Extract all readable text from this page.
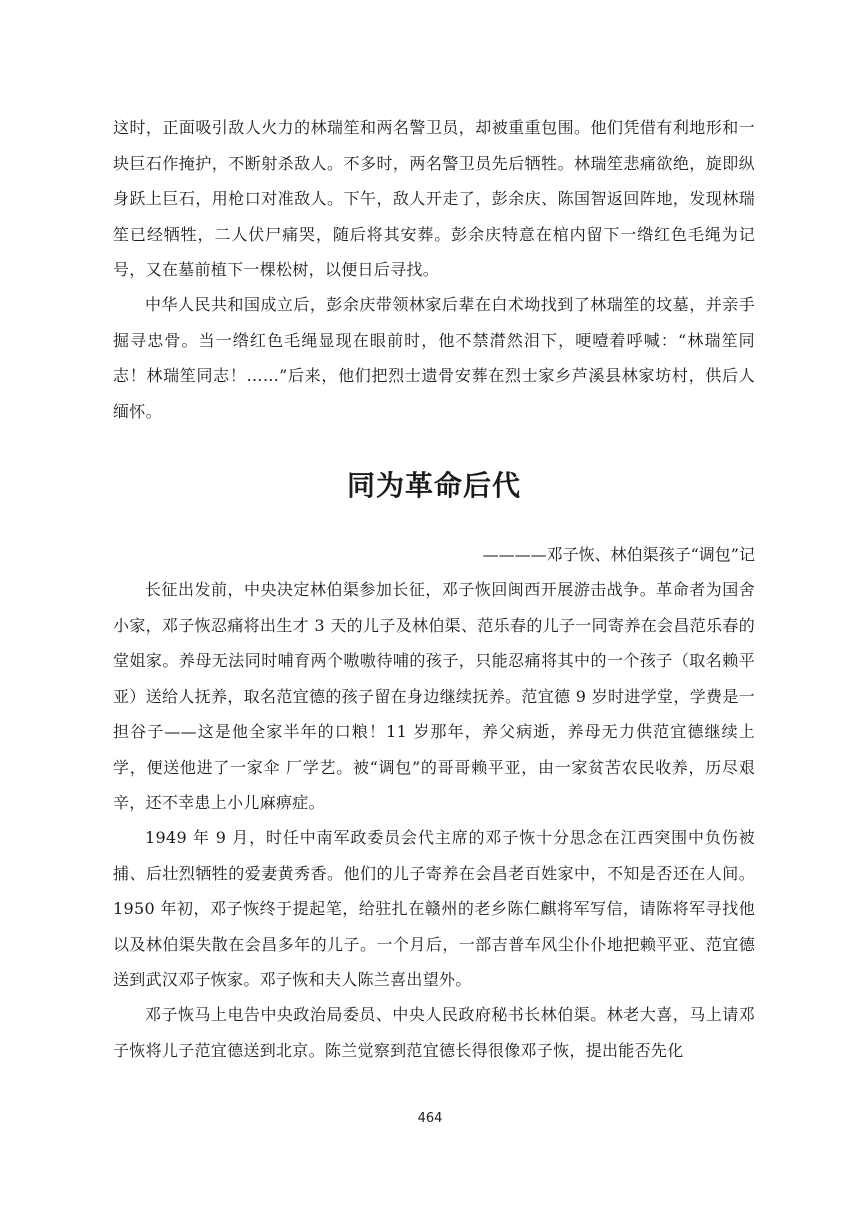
这时，正面吸引敌人火力的林瑞笙和两名警卫员，却被重重包围。他们凭借有利地形和一块巨石作掩护，不断射杀敌人。不多时，两名警卫员先后牺牲。林瑞笙悲痛欲绝，旋即纵身跃上巨石，用枪口对准敌人。下午，敌人开走了，彭余庆、陈国智返回阵地，发现林瑞笙已经牺牲，二人伏尸痛哭，随后将其安葬。彭余庆特意在棺内留下一绺红色毛绳为记号，又在墓前植下一棵松树，以便日后寻找。

中华人民共和国成立后，彭余庆带领林家后辈在白术坳找到了林瑞笙的坟墓，并亲手掘寻忠骨。当一绺红色毛绳显现在眼前时，他不禁潸然泪下，哽噎着呼喊：“林瑞笙同志！林瑞笙同志！……”后来，他们把烈士遗骨安葬在烈士家乡芦溪县林家坊村，供后人缅怀。

同为革命后代

————邓子恢、林伯渠孩子“调包”记

长征出发前，中央决定林伯渠参加长征，邓子恢回闽西开展游击战争。革命者为国舍小家，邓子恢忍痛将出生才 3 天的儿子及林伯渠、范乐春的儿子一同寄养在会昌范乐春的堂姐家。养母无法同时哺育两个嗷嗷待哺的孩子，只能忍痛将其中的一个孩子（取名赖平亚）送给人抚养，取名范宜德的孩子留在身边继续抚养。范宜德 9 岁时进学堂，学费是一担谷子——这是他全家半年的口粮！11 岁那年，养父病逝，养母无力供范宜德继续上学，便送他进了一家伞 厂学艺。被“调包”的哥哥赖平亚，由一家贫苦农民收养，历尽艰辛，还不幸患上小儿麻痹症。

1949 年 9 月，时任中南军政委员会代主席的邓子恢十分思念在江西突围中负伤被捕、后壮烈牺牲的爱妻黄秀香。他们的儿子寄养在会昌老百姓家中，不知是否还在人间。1950 年初，邓子恢终于提起笔，给驻扎在赣州的老乡陈仁麒将军写信，请陈将军寻找他以及林伯渠失散在会昌多年的儿子。一个月后，一部吉普车风尘仆仆地把赖平亚、范宜德送到武汉邓子恢家。邓子恢和夫人陈兰喜出望外。

邓子恢马上电告中央政治局委员、中央人民政府秘书长林伯渠。林老大喜，马上请邓子恢将儿子范宜德送到北京。陈兰觉察到范宜德长得很像邓子恢，提出能否先化

464
